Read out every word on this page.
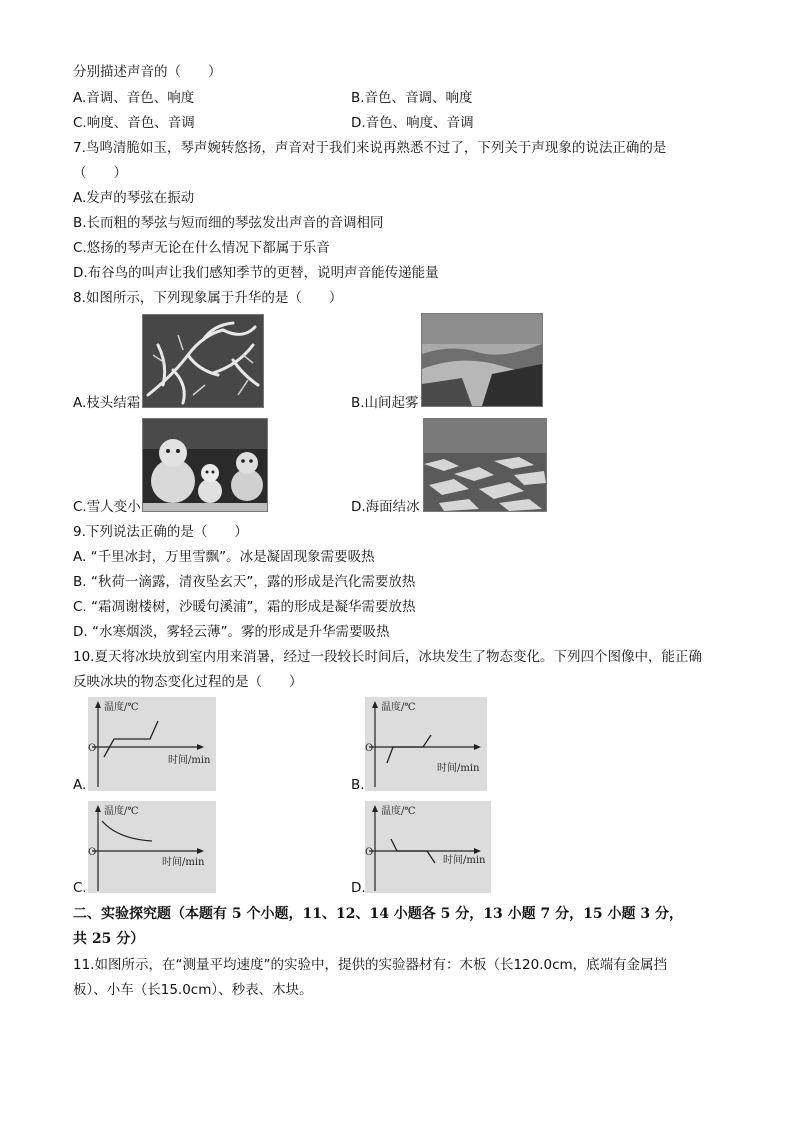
分别描述声音的（　　）
A.音调、音色、响度	B.音色、音调、响度
C.响度、音色、音调	D.音色、响度、音调
7.鸟鸣清脆如玉，琴声婉转悠扬，声音对于我们来说再熟悉不过了，下列关于声现象的说法正确的是
（　　）
A.发声的琴弦在振动
B.长而粗的琴弦与短而细的琴弦发出声音的音调相同
C.悠扬的琴声无论在什么情况下都属于乐音
D.布谷鸟的叫声让我们感知季节的更替，说明声音能传递能量
8.如图所示，下列现象属于升华的是（　　）
A.枝头结霜	B.山间起雾
C.雪人变小	D.海面结冰
9.下列说法正确的是（　　）
A. “千里冰封，万里雪飘”。冰是凝固现象需要吸热
B. “秋荷一滴露，清夜坠玄天”，露的形成是汽化需要放热
C. “霜凋谢楼树，沙暖句溪浦”，霜的形成是凝华需要放热
D. “水寒烟淡，雾轻云薄”。雾的形成是升华需要吸热
10.夏天将冰块放到室内用来消暑，经过一段较长时间后，冰块发生了物态变化。下列四个图像中，能正确
反映冰块的物态变化过程的是（　　）
温度/℃
O
时间/min
A.
温度/℃
O
时间/min
B.
温度/℃
O
时间/min
C.
温度/℃
O
时间/min
D.
二、实验探究题（本题有 5 个小题，11、12、14 小题各 5 分，13 小题 7 分，15 小题 3 分，
共 25 分）
11.如图所示，在“测量平均速度”的实验中，提供的实验器材有：木板（长120.0cm，底端有金属挡
板）、小车（长15.0cm）、秒表、木块。
